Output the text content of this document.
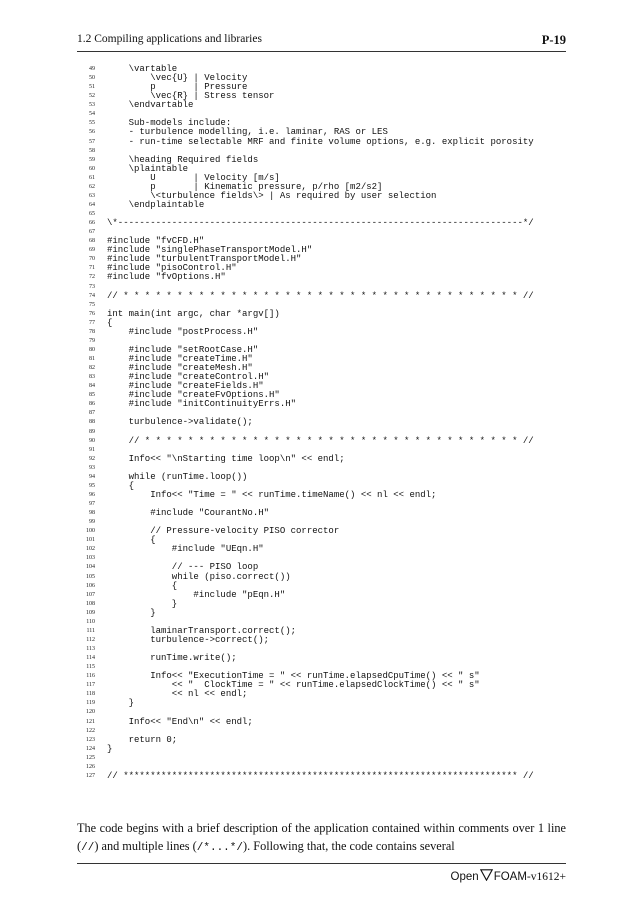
1.2 Compiling applications and libraries	P-19
49 \vartable
50 \vec{U} | Velocity
51 p       | Pressure
52 \vec{R} | Stress tensor
53 \endvartable
54
55 Sub-models include:
56 - turbulence modelling, i.e. laminar, RAS or LES
57 - run-time selectable MRF and finite volume options, e.g. explicit porosity
58
59 \heading Required fields
60 \plaintable
61 U       | Velocity [m/s]
62 p       | Kinematic pressure, p/rho [m2/s2]
63 \<turbulence fields\> | As required by user selection
64 \endplaintable
65
66 \*---------------------------------------------------------------------------*/
67
68 #include "fvCFD.H"
69 #include "singlePhaseTransportModel.H"
70 #include "turbulentTransportModel.H"
71 #include "pisoControl.H"
72 #include "fvOptions.H"
73
74 // * * * * * * * * * * * * * * * * * * * * * * * * * * * * * * * * * * * * * //
75
76 int main(int argc, char *argv[])
77 {
78 #include "postProcess.H"
79
80 #include "setRootCase.H"
81 #include "createTime.H"
82 #include "createMesh.H"
83 #include "createControl.H"
84 #include "createFields.H"
85 #include "createFvOptions.H"
86 #include "initContinuityErrs.H"
87
88 turbulence->validate();
89
90 // * * * * * * * * * * * * * * * * * * * * * * * * * * * * * * * * * * * //
91
92 Info<< "\nStarting time loop\n" << endl;
93
94 while (runTime.loop())
95 {
96 Info<< "Time = " << runTime.timeName() << nl << endl;
97
98 #include "CourantNo.H"
99
100 // Pressure-velocity PISO corrector
101 {
102 #include "UEqn.H"
103
104 // --- PISO loop
105 while (piso.correct())
106 {
107 #include "pEqn.H"
108 }
109 }
110
111 laminarTransport.correct();
112 turbulence->correct();
113
114 runTime.write();
115
116 Info<< "ExecutionTime = " << runTime.elapsedCpuTime() << " s"
117 << "  ClockTime = " << runTime.elapsedClockTime() << " s"
118 << nl << endl;
119 }
120
121 Info<< "End\n" << endl;
122
123 return 0;
124 }
125
126
127 // ************************************************************************* //
The code begins with a brief description of the application contained within comments over 1 line (//) and multiple lines (/*...*/). Following that, the code contains several
Open FOAM -v1612+
